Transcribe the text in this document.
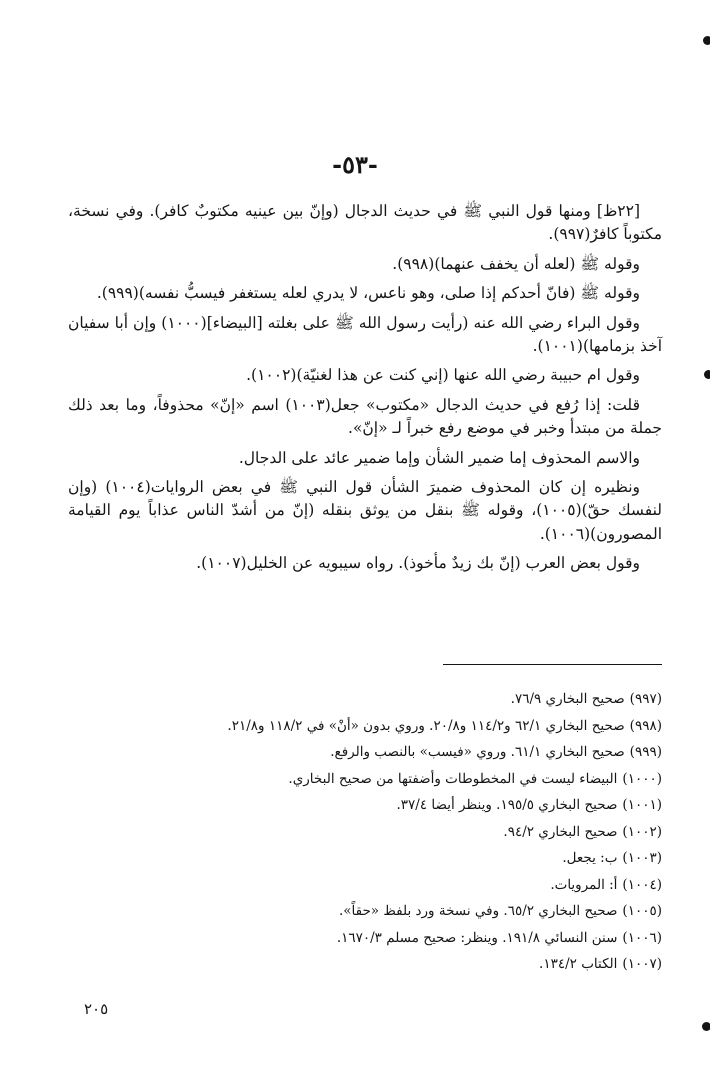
-٥٣-

[٢٢ظ] ومنها قول النبي ﷺ في حديث الدجال (وإنّ بين عينيه مكتوبٌ كافر). وفي نسخة، مكتوباً كافرٌ(٩٩٧).

وقوله ﷺ (لعله أن يخفف عنهما)(٩٩٨).

وقوله ﷺ (فانّ أحدكم إذا صلى، وهو ناعس، لا يدري لعله يستغفر فيسبُّ نفسه)(٩٩٩).

وقول البراء رضي الله عنه (رأيت رسول الله ﷺ على بغلته [البيضاء](١٠٠٠) وإن أبا سفيان آخذ بزمامها)(١٠٠١).

وقول ام حبيبة رضي الله عنها (إني كنت عن هذا لغنيّة)(١٠٠٢).

قلت: إذا رُفع في حديث الدجال «مكتوب» جعل(١٠٠٣) اسم «إنّ» محذوفاً، وما بعد ذلك جملة من مبتدأ وخبر في موضع رفع خبراً لـ «إنّ».

والاسم المحذوف إما ضمير الشأن وإما ضمير عائد على الدجال.

ونظيره إن كان المحذوف ضميرَ الشأن قول النبي ﷺ في بعض الروايات(١٠٠٤) (وإن لنفسك حقّ)(١٠٠٥)، وقوله ﷺ بنقل من يوثق بنقله (إنّ من أشدّ الناس عذاباً يوم القيامة المصورون)(١٠٠٦).

وقول بعض العرب (إنّ بك زيدٌ مأخوذ). رواه سيبويه عن الخليل(١٠٠٧).

(٩٩٧)صحيح البخاري ٧٦/٩.
(٩٩٨)صحيح البخاري ٦٢/١ و١١٤/٢ و٢٠/٨. وروي بدون «أنْ» في ١١٨/٢ و٢١/٨.
(٩٩٩)صحيح البخاري ٦١/١. وروي «فيسب» بالنصب والرفع.
(١٠٠٠)البيضاء ليست في المخطوطات وأضفتها من صحيح البخاري.
(١٠٠١)صحيح البخاري ١٩٥/٥. وينظر أيضا ٣٧/٤.
(١٠٠٢)صحيح البخاري ٩٤/٢.
(١٠٠٣)ب: يجعل.
(١٠٠٤)أ: المرويات.
(١٠٠٥)صحيح البخاري ٦٥/٢. وفي نسخة ورد بلفظ «حقاً».
(١٠٠٦)سنن النسائي ١٩١/٨. وينظر: صحيح مسلم ١٦٧٠/٣.
(١٠٠٧)الكتاب ١٣٤/٢.
٢٠٥
